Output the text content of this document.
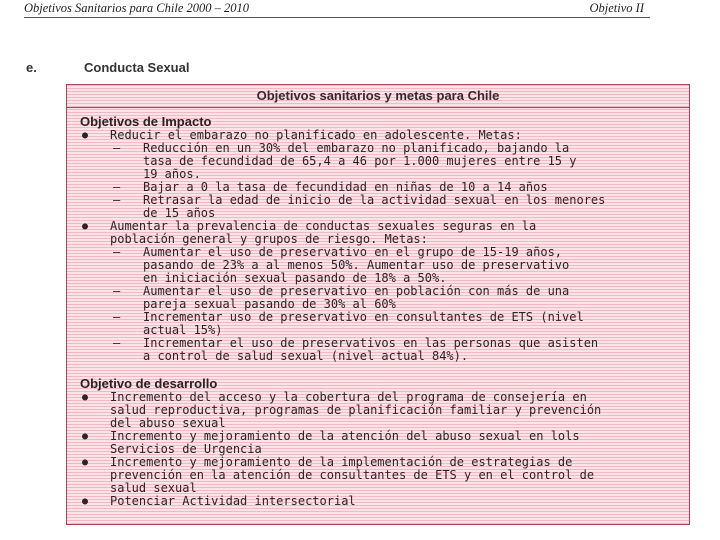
Objetivos Sanitarios para Chile 2000 – 2010	Objetivo II
e.	Conducta Sexual
Objetivos sanitarios y metas para Chile
Objetivos de Impacto
● Reducir el embarazo no planificado en adolescente. Metas:
– Reducción en un 30% del embarazo no planificado, bajando la
tasa de fecundidad de 65,4 a 46 por 1.000 mujeres entre 15 y
19 años.
– Bajar a 0 la tasa de fecundidad en niñas de 10 a 14 años
– Retrasar la edad de inicio de la actividad sexual en los menores
de 15 años
● Aumentar la prevalencia de conductas sexuales seguras en la
población general y grupos de riesgo. Metas:
– Aumentar el uso de preservativo en el grupo de 15-19 años,
pasando de 23% a al menos 50%. Aumentar uso de preservativo
en iniciación sexual pasando de 18% a 50%.
– Aumentar el uso de preservativo en población con más de una
pareja sexual pasando de 30% al 60%
– Incrementar uso de preservativo en consultantes de ETS (nivel
actual 15%)
– Incrementar el uso de preservativos en las personas que asisten
a control de salud sexual (nivel actual 84%).
Objetivo de desarrollo
● Incremento del acceso y la cobertura del programa de consejería en
salud reproductiva, programas de planificación familiar y prevención
del abuso sexual
● Incremento y mejoramiento de la atención del abuso sexual en lols
Servicios de Urgencia
● Incremento y mejoramiento de la implementación de estrategias de
prevención en la atención de consultantes de ETS y en el control de
salud sexual
● Potenciar Actividad intersectorial
